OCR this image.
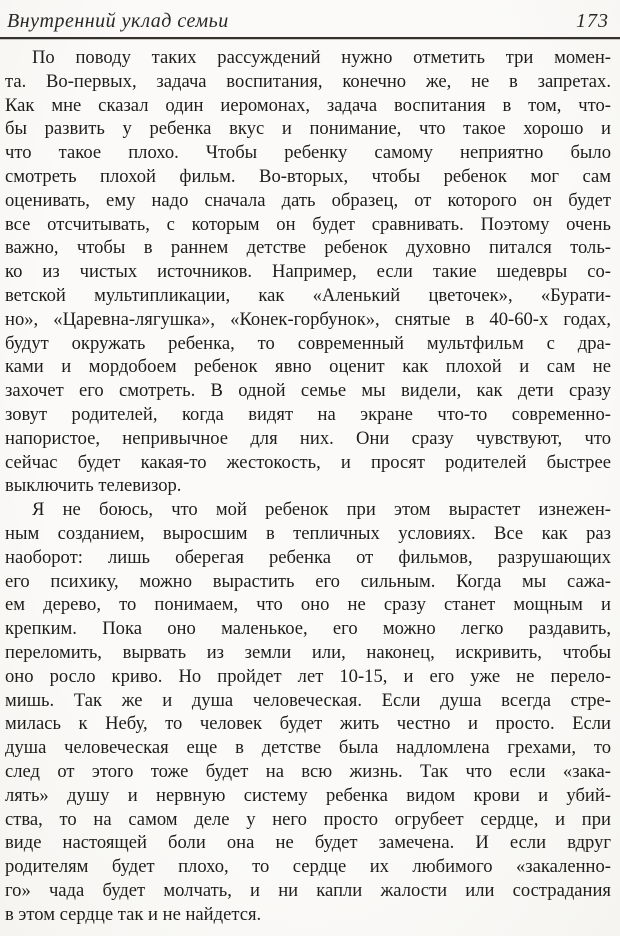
Внутренний уклад семьи	173
По поводу таких рассуждений нужно отметить три момен-
та. Во-первых, задача воспитания, конечно же, не в запретах.
Как мне сказал один иеромонах, задача воспитания в том, что-
бы развить у ребенка вкус и понимание, что такое хорошо и
что такое плохо. Чтобы ребенку самому неприятно было
смотреть плохой фильм. Во-вторых, чтобы ребенок мог сам
оценивать, ему надо сначала дать образец, от которого он будет
все отсчитывать, с которым он будет сравнивать. Поэтому очень
важно, чтобы в раннем детстве ребенок духовно питался толь-
ко из чистых источников. Например, если такие шедевры со-
ветской мультипликации, как «Аленький цветочек», «Бурати-
но», «Царевна-лягушка», «Конек-горбунок», снятые в 40-60-х годах,
будут окружать ребенка, то современный мультфильм с дра-
ками и мордобоем ребенок явно оценит как плохой и сам не
захочет его смотреть. В одной семье мы видели, как дети сразу
зовут родителей, когда видят на экране что-то современно-
напористое, непривычное для них. Они сразу чувствуют, что
сейчас будет какая-то жестокость, и просят родителей быстрее
выключить телевизор.
Я не боюсь, что мой ребенок при этом вырастет изнежен-
ным созданием, выросшим в тепличных условиях. Все как раз
наоборот: лишь оберегая ребенка от фильмов, разрушающих
его психику, можно вырастить его сильным. Когда мы сажа-
ем дерево, то понимаем, что оно не сразу станет мощным и
крепким. Пока оно маленькое, его можно легко раздавить,
переломить, вырвать из земли или, наконец, искривить, чтобы
оно росло криво. Но пройдет лет 10-15, и его уже не перело-
мишь. Так же и душа человеческая. Если душа всегда стре-
милась к Небу, то человек будет жить честно и просто. Если
душа человеческая еще в детстве была надломлена грехами, то
след от этого тоже будет на всю жизнь. Так что если «зака-
лять» душу и нервную систему ребенка видом крови и убий-
ства, то на самом деле у него просто огрубеет сердце, и при
виде настоящей боли она не будет замечена. И если вдруг
родителям будет плохо, то сердце их любимого «закаленно-
го» чада будет молчать, и ни капли жалости или сострадания
в этом сердце так и не найдется.
